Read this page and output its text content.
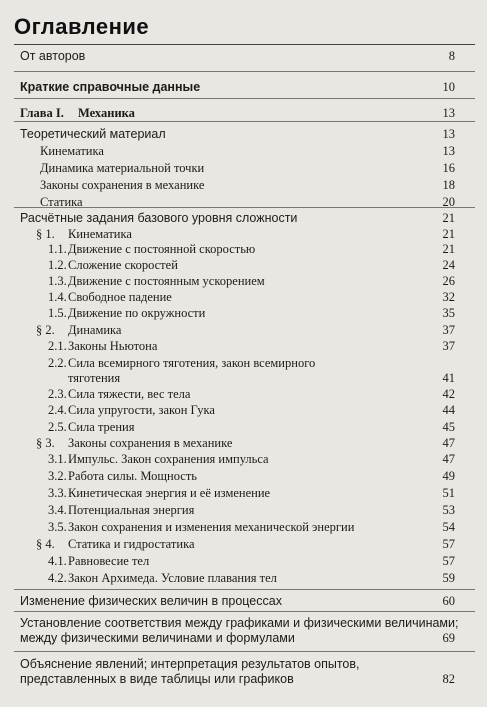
Оглавление
От авторов	8
Краткие справочные данные	10
Глава I. Механика	13
Теоретический материал	13
Кинематика	13
Динамика материальной точки	16
Законы сохранения в механике	18
Статика	20
Расчётные задания базового уровня сложности	21
§ 1. Кинематика	21
1.1. Движение с постоянной скоростью	21
1.2. Сложение скоростей	24
1.3. Движение с постоянным ускорением	26
1.4. Свободное падение	32
1.5. Движение по окружности	35
§ 2. Динамика	37
2.1. Законы Ньютона	37
2.2. Сила всемирного тяготения, закон всемирного
тяготения	41
2.3. Сила тяжести, вес тела	42
2.4. Сила упругости, закон Гука	44
2.5. Сила трения	45
§ 3. Законы сохранения в механике	47
3.1. Импульс. Закон сохранения импульса	47
3.2. Работа силы. Мощность	49
3.3. Кинетическая энергия и её изменение	51
3.4. Потенциальная энергия	53
3.5. Закон сохранения и изменения механической энергии	54
§ 4. Статика и гидростатика	57
4.1. Равновесие тел	57
4.2. Закон Архимеда. Условие плавания тел	59
Изменение физических величин в процессах	60
Установление соответствия между графиками и физическими величинами;
между физическими величинами и формулами	69
Объяснение явлений; интерпретация результатов опытов,
представленных в виде таблицы или графиков	82
